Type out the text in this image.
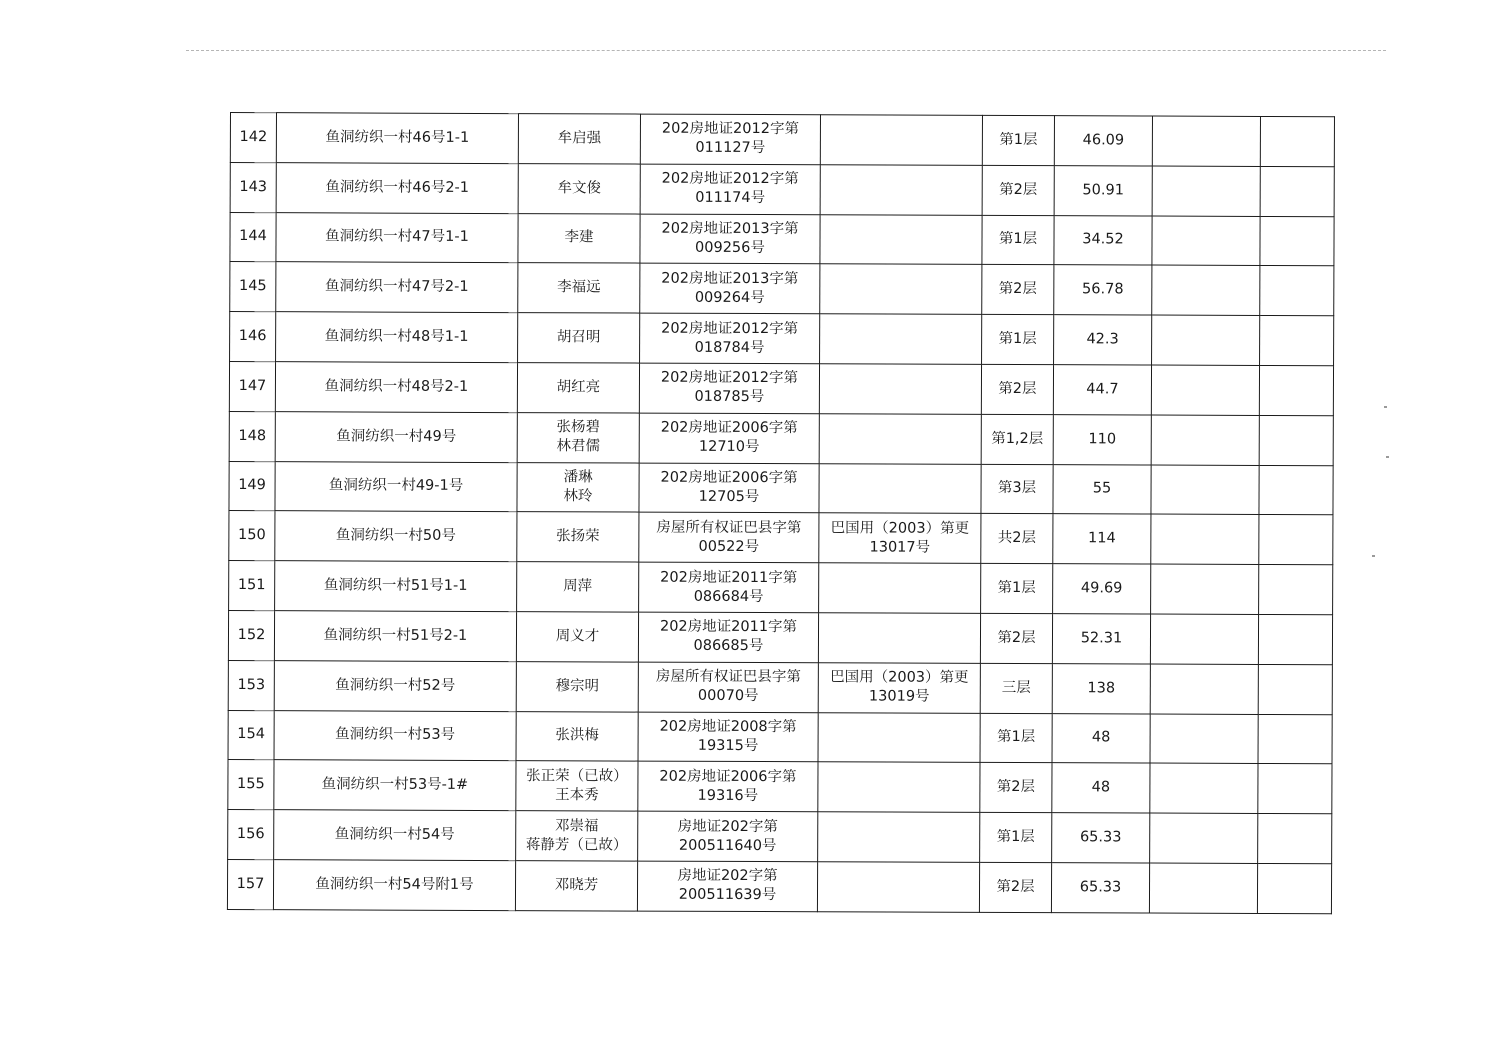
142	鱼洞纺织一村46号1-1	牟启强	202房地证2012字第
011127号		第1层	46.09		

143	鱼洞纺织一村46号2-1	牟文俊	202房地证2012字第
011174号		第2层	50.91		

144	鱼洞纺织一村47号1-1	李建	202房地证2013字第
009256号		第1层	34.52		

145	鱼洞纺织一村47号2-1	李福远	202房地证2013字第
009264号		第2层	56.78		

146	鱼洞纺织一村48号1-1	胡召明	202房地证2012字第
018784号		第1层	42.3		

147	鱼洞纺织一村48号2-1	胡红亮	202房地证2012字第
018785号		第2层	44.7		

148	鱼洞纺织一村49号	张杨碧
林君儒	202房地证2006字第
12710号		第1,2层	110		

149	鱼洞纺织一村49-1号	潘琳
林玲	202房地证2006字第
12705号		第3层	55		

150	鱼洞纺织一村50号	张扬荣	房屋所有权证巴县字第
00522号	巴国用（2003）第更
13017号	共2层	114		

151	鱼洞纺织一村51号1-1	周萍	202房地证2011字第
086684号		第1层	49.69		

152	鱼洞纺织一村51号2-1	周义才	202房地证2011字第
086685号		第2层	52.31		

153	鱼洞纺织一村52号	穆宗明	房屋所有权证巴县字第
00070号	巴国用（2003）第更
13019号	三层	138		

154	鱼洞纺织一村53号	张洪梅	202房地证2008字第
19315号		第1层	48		

155	鱼洞纺织一村53号-1#	张正荣（已故）
王本秀	202房地证2006字第
19316号		第2层	48		

156	鱼洞纺织一村54号	邓崇福
蒋静芳（已故）	房地证202字第
200511640号		第1层	65.33		

157	鱼洞纺织一村54号附1号	邓晓芳	房地证202字第
200511639号		第2层	65.33		
